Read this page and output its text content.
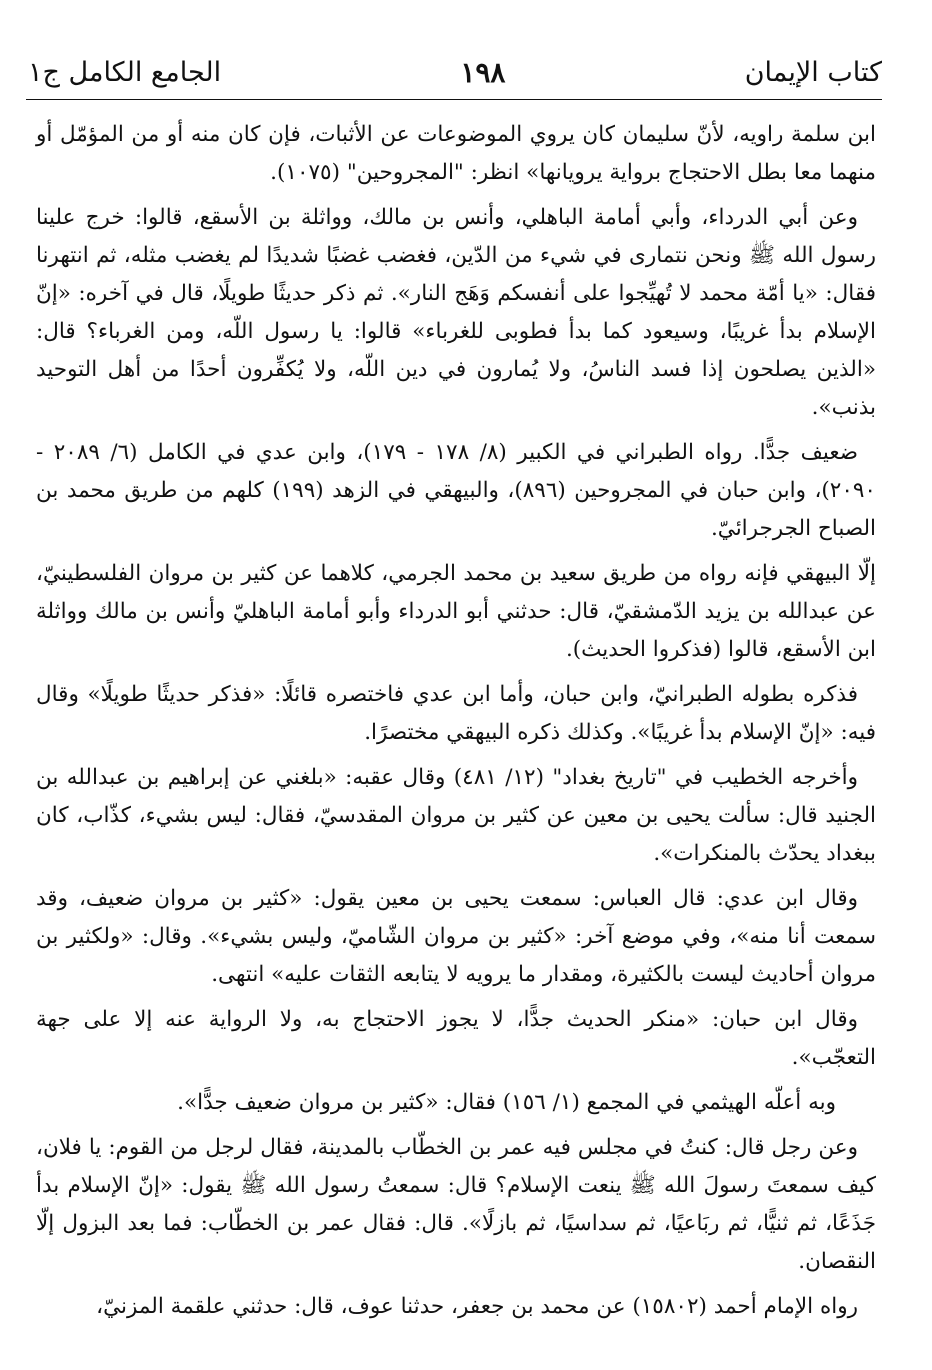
كتاب الإيمان
١٩٨
الجامع الكامل ج١

ابن سلمة راويه، لأنّ سليمان كان يروي الموضوعات عن الأثبات، فإن كان منه أو من المؤمّل أو منهما معا بطل الاحتجاج برواية يرويانها» انظر: "المجروحين" (١٠٧٥).

وعن أبي الدرداء، وأبي أمامة الباهلي، وأنس بن مالك، وواثلة بن الأسقع، قالوا: خرج علينا رسول الله ﷺ ونحن نتمارى في شيء من الدّين، فغضب غضبًا شديدًا لم يغضب مثله، ثم انتهرنا فقال: «يا أمّة محمد لا تُهيِّجوا على أنفسكم وَهَج النار». ثم ذكر حديثًا طويلًا، قال في آخره: «إنّ الإسلام بدأ غريبًا، وسيعود كما بدأ فطوبى للغرباء» قالوا: يا رسول اللّه، ومن الغرباء؟ قال: «الذين يصلحون إذا فسد الناسُ، ولا يُمارون في دين اللّه، ولا يُكفِّرون أحدًا من أهل التوحيد بذنب».

ضعيف جدًّا. رواه الطبراني في الكبير (٨/ ١٧٨ - ١٧٩)، وابن عدي في الكامل (٦/ ٢٠٨٩ - ٢٠٩٠)، وابن حبان في المجروحين (٨٩٦)، والبيهقي في الزهد (١٩٩) كلهم من طريق محمد بن الصباح الجرجرائيّ.

إلّا البيهقي فإنه رواه من طريق سعيد بن محمد الجرمي، كلاهما عن كثير بن مروان الفلسطينيّ، عن عبدالله بن يزيد الدّمشقيّ، قال: حدثني أبو الدرداء وأبو أمامة الباهليّ وأنس بن مالك وواثلة ابن الأسقع، قالوا (فذكروا الحديث).

فذكره بطوله الطبرانيّ، وابن حبان، وأما ابن عدي فاختصره قائلًا: «فذكر حديثًا طويلًا» وقال فيه: «إنّ الإسلام بدأ غريبًا». وكذلك ذكره البيهقي مختصرًا.

وأخرجه الخطيب في "تاريخ بغداد" (١٢/ ٤٨١) وقال عقبه: «بلغني عن إبراهيم بن عبدالله بن الجنيد قال: سألت يحيى بن معين عن كثير بن مروان المقدسيّ، فقال: ليس بشيء، كذّاب، كان ببغداد يحدّث بالمنكرات».

وقال ابن عدي: قال العباس: سمعت يحيى بن معين يقول: «كثير بن مروان ضعيف، وقد سمعت أنا منه»، وفي موضع آخر: «كثير بن مروان الشّاميّ، وليس بشيء». وقال: «ولكثير بن مروان أحاديث ليست بالكثيرة، ومقدار ما يرويه لا يتابعه الثقات عليه» انتهى.

وقال ابن حبان: «منكر الحديث جدًّا، لا يجوز الاحتجاج به، ولا الرواية عنه إلا على جهة التعجّب».

وبه أعلّه الهيثمي في المجمع (١/ ١٥٦) فقال: «كثير بن مروان ضعيف جدًّا».

وعن رجل قال: كنتُ في مجلس فيه عمر بن الخطّاب بالمدينة، فقال لرجل من القوم: يا فلان، كيف سمعتَ رسولَ الله ﷺ ينعت الإسلام؟ قال: سمعتُ رسول الله ﷺ يقول: «إنّ الإسلام بدأ جَذَعًا، ثم ثنيًّا، ثم ربَاعيًا، ثم سداسيًا، ثم بازلًا». قال: فقال عمر بن الخطّاب: فما بعد البزول إلّا النقصان.

رواه الإمام أحمد (١٥٨٠٢) عن محمد بن جعفر، حدثنا عوف، قال: حدثني علقمة المزنيّ،
